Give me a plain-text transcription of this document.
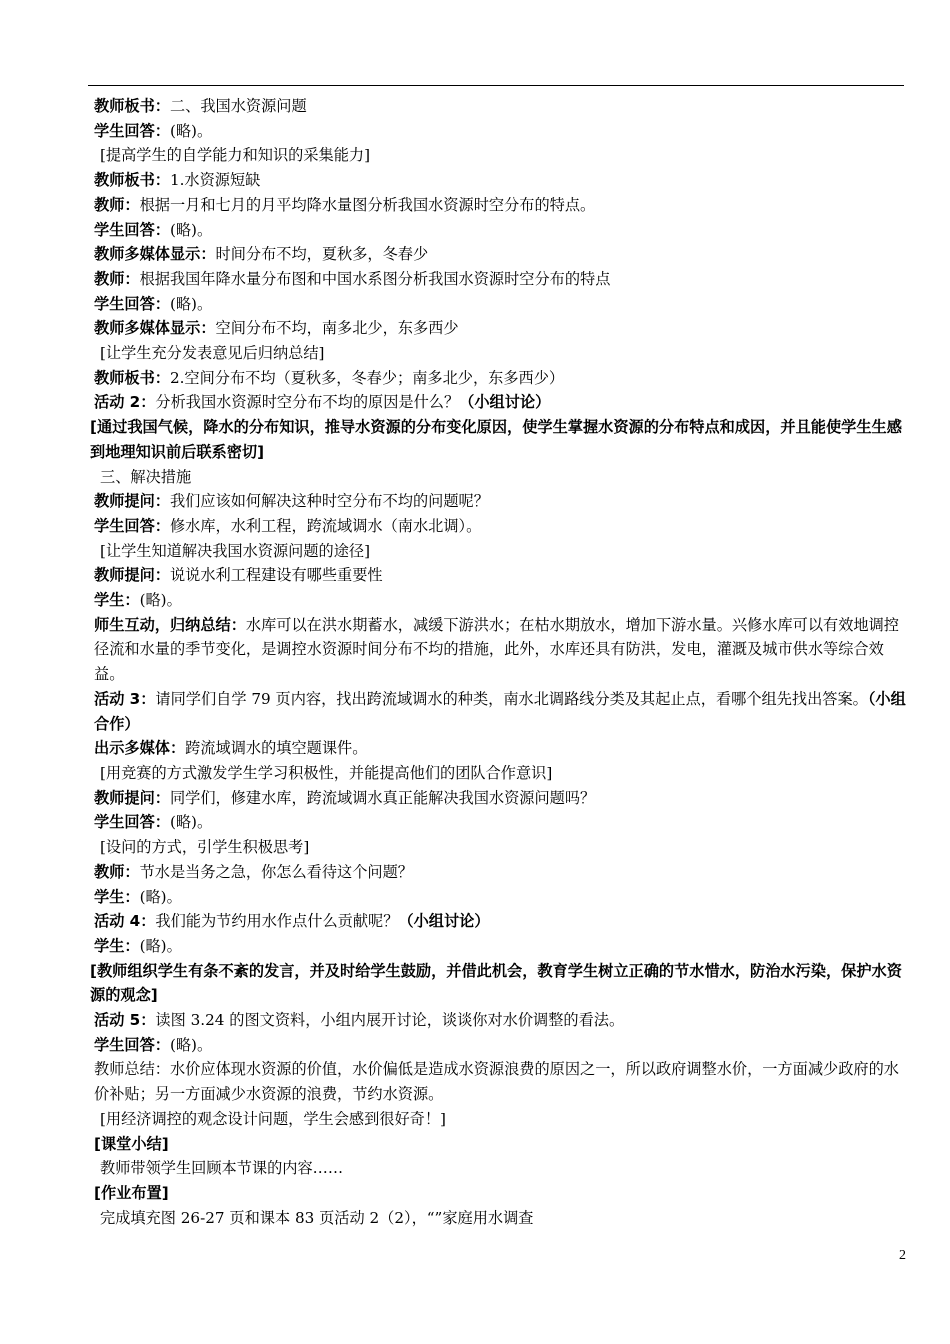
教师板书：二、我国水资源问题
学生回答：(略)。
[提高学生的自学能力和知识的采集能力]
教师板书：1.水资源短缺
教师：根据一月和七月的月平均降水量图分析我国水资源时空分布的特点。
学生回答：(略)。
教师多媒体显示：时间分布不均，夏秋多，冬春少
教师：根据我国年降水量分布图和中国水系图分析我国水资源时空分布的特点
学生回答：(略)。
教师多媒体显示：空间分布不均，南多北少，东多西少
[让学生充分发表意见后归纳总结]
教师板书：2.空间分布不均（夏秋多，冬春少；南多北少，东多西少）
活动 2：分析我国水资源时空分布不均的原因是什么？（小组讨论）
[通过我国气候，降水的分布知识，推导水资源的分布变化原因，使学生掌握水资源的分布特点和成因，并且能使学生生感到地理知识前后联系密切]
三、解决措施
教师提问：我们应该如何解决这种时空分布不均的问题呢？
学生回答：修水库，水利工程，跨流域调水（南水北调）。
[让学生知道解决我国水资源问题的途径]
教师提问：说说水利工程建设有哪些重要性
学生：(略)。
师生互动，归纳总结：水库可以在洪水期蓄水，减缓下游洪水；在枯水期放水，增加下游水量。兴修水库可以有效地调控径流和水量的季节变化，是调控水资源时间分布不均的措施，此外，水库还具有防洪，发电，灌溉及城市供水等综合效益。
活动 3：请同学们自学 79 页内容，找出跨流域调水的种类，南水北调路线分类及其起止点，看哪个组先找出答案。（小组合作）
出示多媒体：跨流域调水的填空题课件。
[用竞赛的方式激发学生学习积极性，并能提高他们的团队合作意识]
教师提问：同学们，修建水库，跨流域调水真正能解决我国水资源问题吗？
学生回答：(略)。
[设问的方式，引学生积极思考]
教师：节水是当务之急，你怎么看待这个问题？
学生：(略)。
活动 4：我们能为节约用水作点什么贡献呢？（小组讨论）
学生：(略)。
[教师组织学生有条不紊的发言，并及时给学生鼓励，并借此机会，教育学生树立正确的节水惜水，防治水污染，保护水资源的观念]
活动 5：读图 3.24 的图文资料，小组内展开讨论，谈谈你对水价调整的看法。
学生回答：(略)。
教师总结：水价应体现水资源的价值，水价偏低是造成水资源浪费的原因之一，所以政府调整水价，一方面减少政府的水价补贴；另一方面减少水资源的浪费，节约水资源。
[用经济调控的观念设计问题，学生会感到很好奇！]
[课堂小结]
教师带领学生回顾本节课的内容……
[作业布置]
完成填充图 26-27 页和课本 83 页活动 2（2），“”家庭用水调查
2
